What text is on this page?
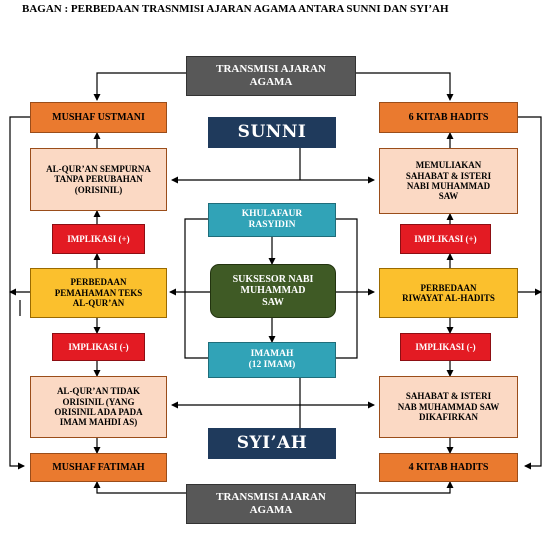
BAGAN : PERBEDAAN TRASNMISI AJARAN AGAMA ANTARA SUNNI DAN SYI’AH
TRANSMISI AJARAN
AGAMA
SUNNI
KHULAFAUR
RASYIDIN
SUKSESOR NABI
MUHAMMAD
SAW
IMAMAH
(12 IMAM)
SYI’AH
TRANSMISI AJARAN
AGAMA
MUSHAF USTMANI
AL-QUR’AN SEMPURNA
TANPA PERUBAHAN
(ORISINIL)
IMPLIKASI (+)
PERBEDAAN
PEMAHAMAN TEKS
AL-QUR’AN
IMPLIKASI (-)
AL-QUR’AN TIDAK
ORISINIL (YANG
ORISINIL ADA PADA
IMAM MAHDI AS)
MUSHAF FATIMAH
6 KITAB HADITS
MEMULIAKAN
SAHABAT & ISTERI
NABI MUHAMMAD
SAW
IMPLIKASI (+)
PERBEDAAN
RIWAYAT AL-HADITS
IMPLIKASI (-)
SAHABAT & ISTERI
NAB MUHAMMAD SAW
DIKAFIRKAN
4 KITAB HADITS
